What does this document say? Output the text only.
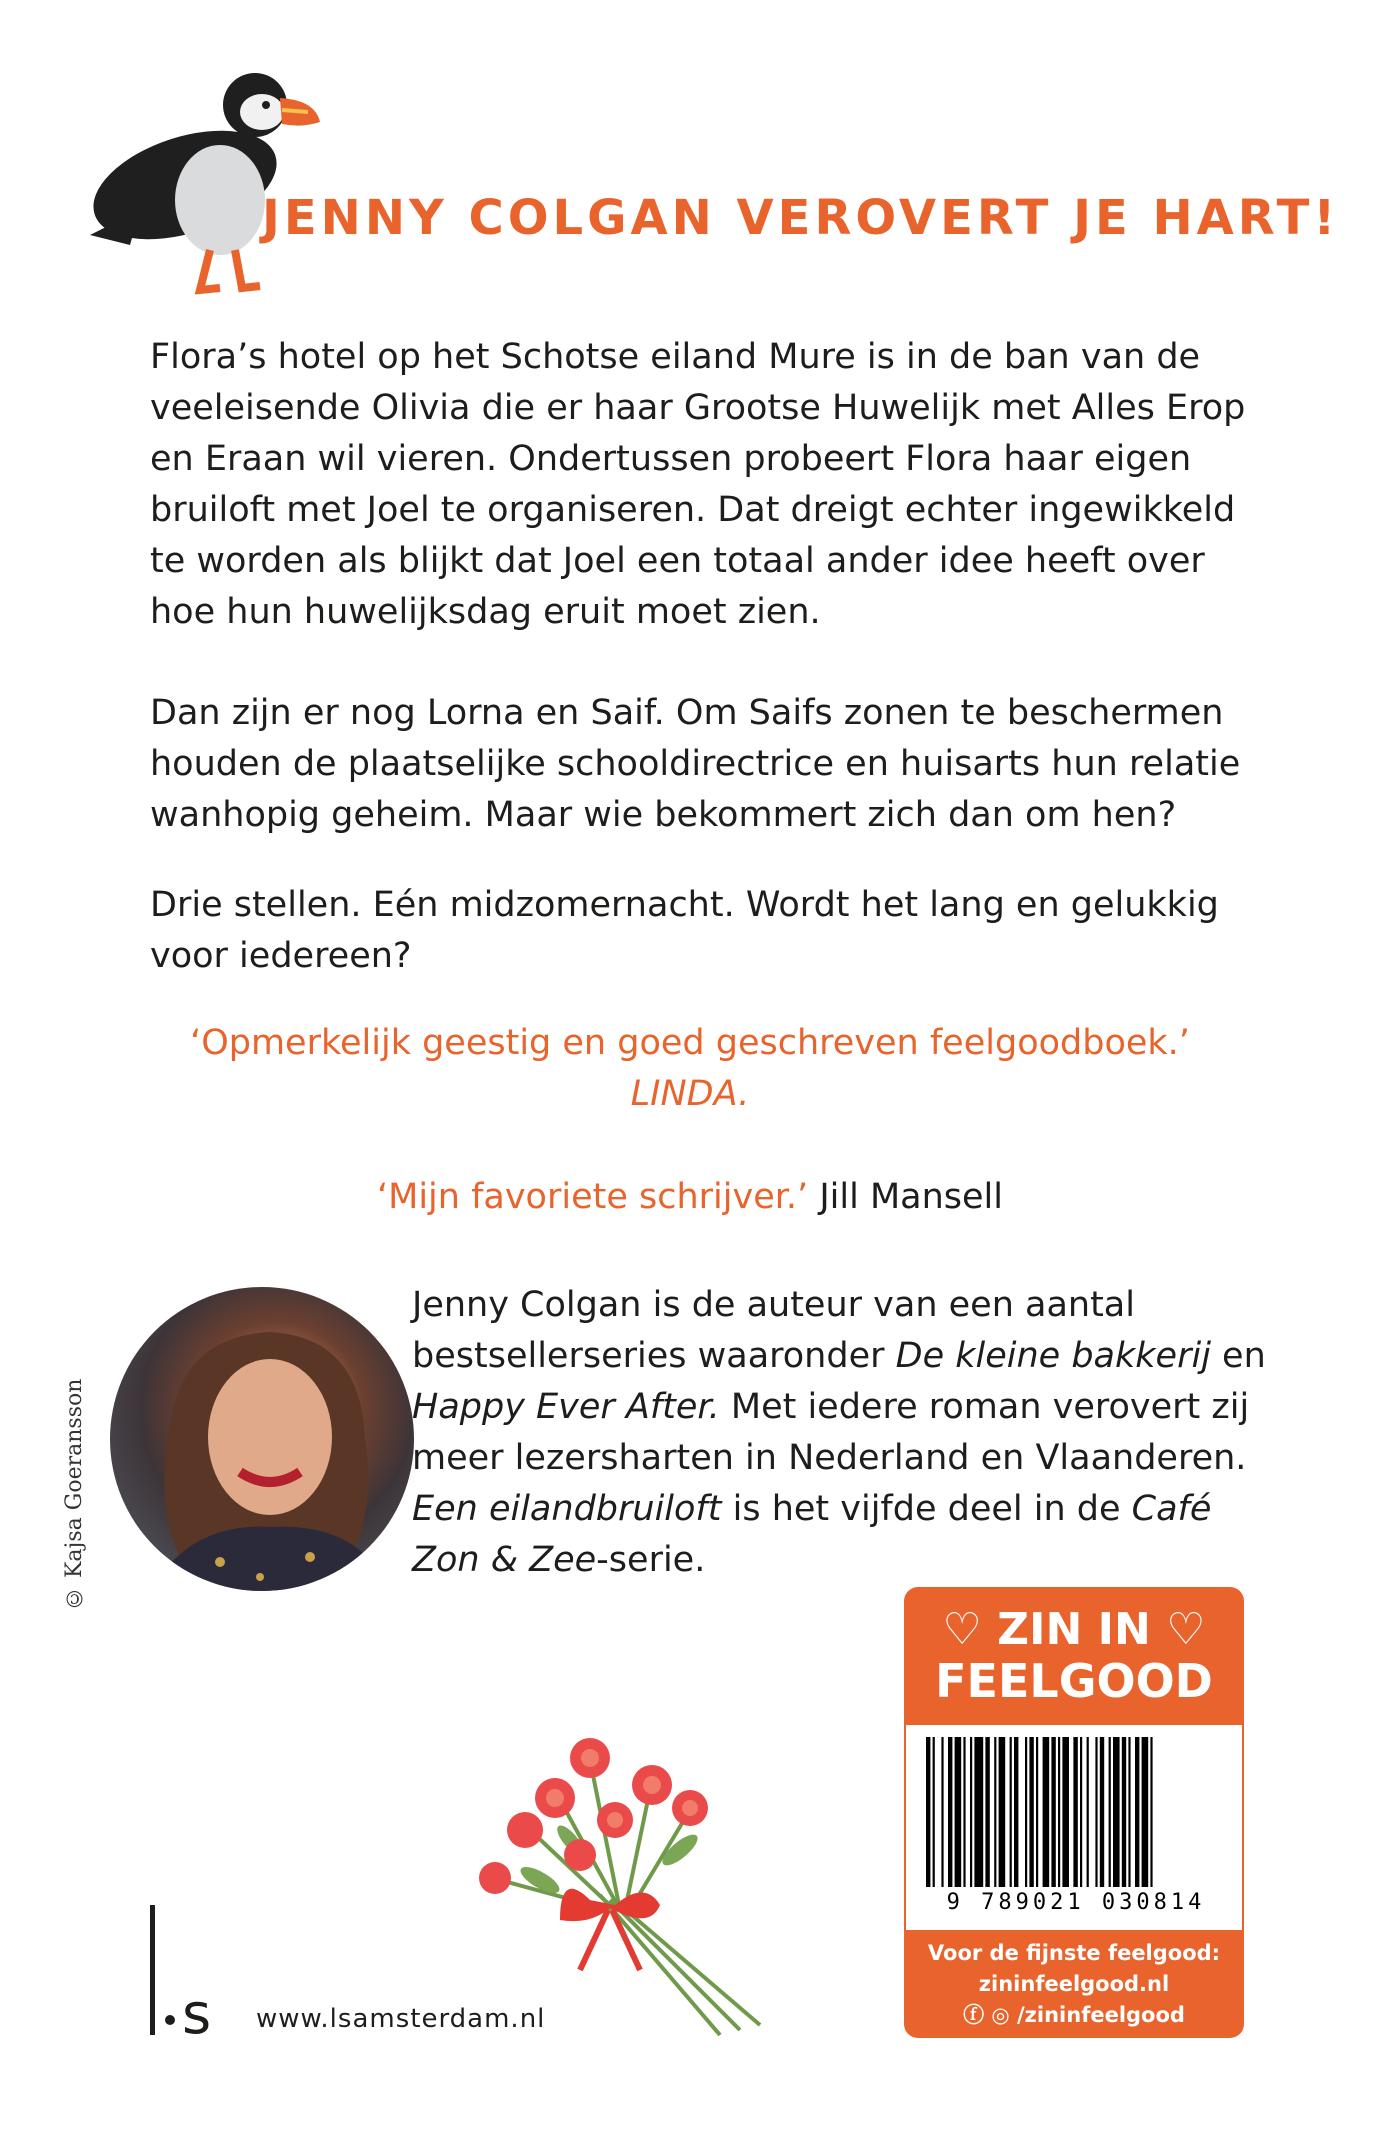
JENNY COLGAN VEROVERT JE HART!
Flora’s hotel op het Schotse eiland Mure is in de ban van de veeleisende Olivia die er haar Grootse Huwelijk met Alles Erop en Eraan wil vieren. Ondertussen probeert Flora haar eigen bruiloft met Joel te organiseren. Dat dreigt echter ingewikkeld te worden als blijkt dat Joel een totaal ander idee heeft over hoe hun huwelijksdag eruit moet zien.
Dan zijn er nog Lorna en Saif. Om Saifs zonen te beschermen houden de plaatselijke schooldirectrice en huisarts hun relatie wanhopig geheim. Maar wie bekommert zich dan om hen?
Drie stellen. Eén midzomernacht. Wordt het lang en gelukkig voor iedereen?
‘Opmerkelijk geestig en goed geschreven feelgoodboek.’
LINDA.
‘Mijn favoriete schrijver.’ Jill Mansell
© Kajsa Goeransson
Jenny Colgan is de auteur van een aantal bestsellerseries waaronder De kleine bakkerij en Happy Ever After. Met iedere roman verovert zij meer lezersharten in Nederland en Vlaanderen. Een eilandbruiloft is het vijfde deel in de Café Zon & Zee-serie.
♡ ZIN IN ♡
FEELGOOD
9 789021 030814
Voor de fijnste feelgood:
zininfeelgood.nl
ⓕ ◎ /zininfeelgood
s www.lsamsterdam.nl
